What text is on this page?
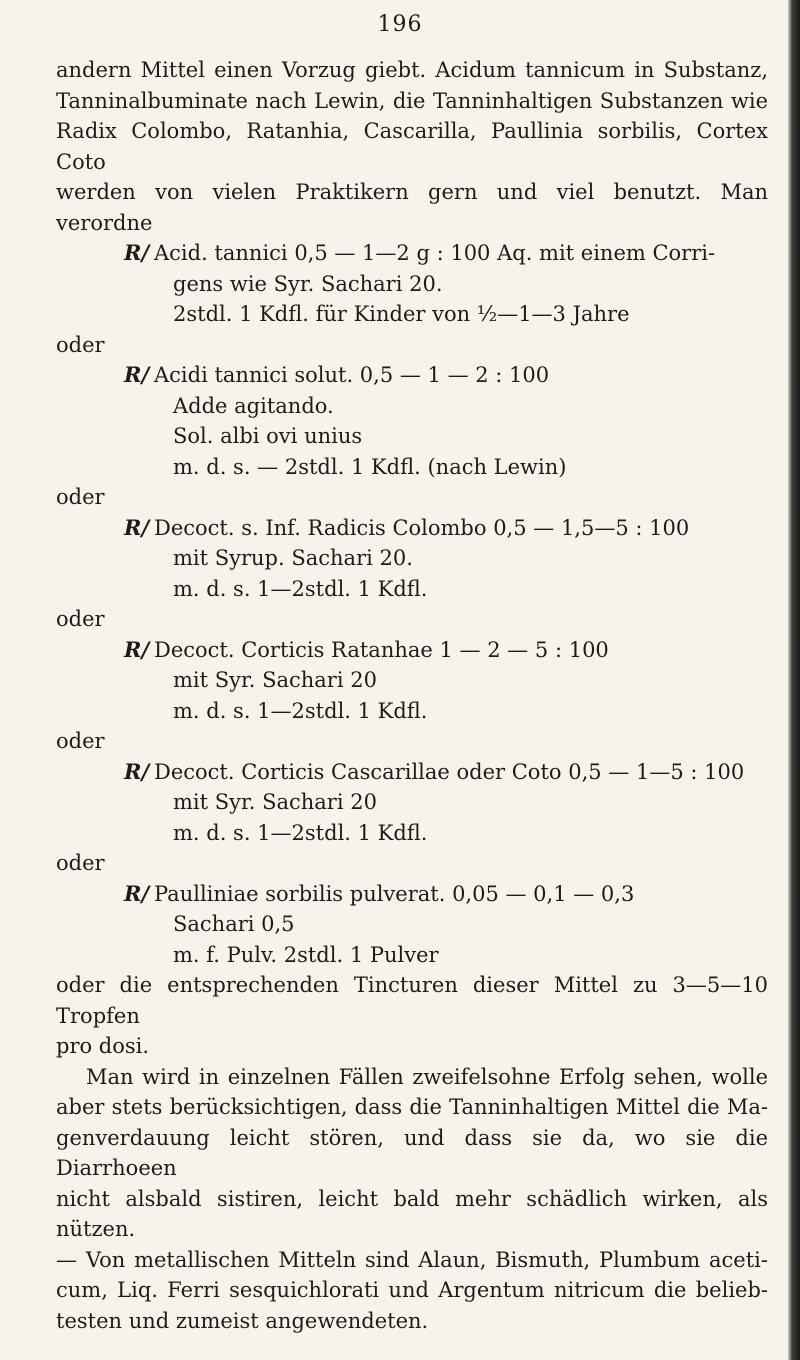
196
andern Mittel einen Vorzug giebt. Acidum tannicum in Substanz,
Tanninalbuminate nach Lewin, die Tanninhaltigen Substanzen wie
Radix Colombo, Ratanhia, Cascarilla, Paullinia sorbilis, Cortex Coto
werden von vielen Praktikern gern und viel benutzt. Man verordne
R/ Acid. tannici 0,5 — 1—2 g : 100 Aq. mit einem Corri-
gens wie Syr. Sachari 20.
2stdl. 1 Kdfl. für Kinder von ½—1—3 Jahre
oder
R/ Acidi tannici solut. 0,5 — 1 — 2 : 100
Adde agitando.
Sol. albi ovi unius
m. d. s. — 2stdl. 1 Kdfl. (nach Lewin)
oder
R/ Decoct. s. Inf. Radicis Colombo 0,5 — 1,5—5 : 100
mit Syrup. Sachari 20.
m. d. s. 1—2stdl. 1 Kdfl.
oder
R/ Decoct. Corticis Ratanhae 1 — 2 — 5 : 100
mit Syr. Sachari 20
m. d. s. 1—2stdl. 1 Kdfl.
oder
R/ Decoct. Corticis Cascarillae oder Coto 0,5 — 1—5 : 100
mit Syr. Sachari 20
m. d. s. 1—2stdl. 1 Kdfl.
oder
R/ Paulliniae sorbilis pulverat. 0,05 — 0,1 — 0,3
Sachari 0,5
m. f. Pulv. 2stdl. 1 Pulver
oder die entsprechenden Tincturen dieser Mittel zu 3—5—10 Tropfen
pro dosi.
Man wird in einzelnen Fällen zweifelsohne Erfolg sehen, wolle
aber stets berücksichtigen, dass die Tanninhaltigen Mittel die Ma-
genverdauung leicht stören, und dass sie da, wo sie die Diarrhoeen
nicht alsbald sistiren, leicht bald mehr schädlich wirken, als nützen.
— Von metallischen Mitteln sind Alaun, Bismuth, Plumbum aceti-
cum, Liq. Ferri sesquichlorati und Argentum nitricum die belieb-
testen und zumeist angewendeten.
